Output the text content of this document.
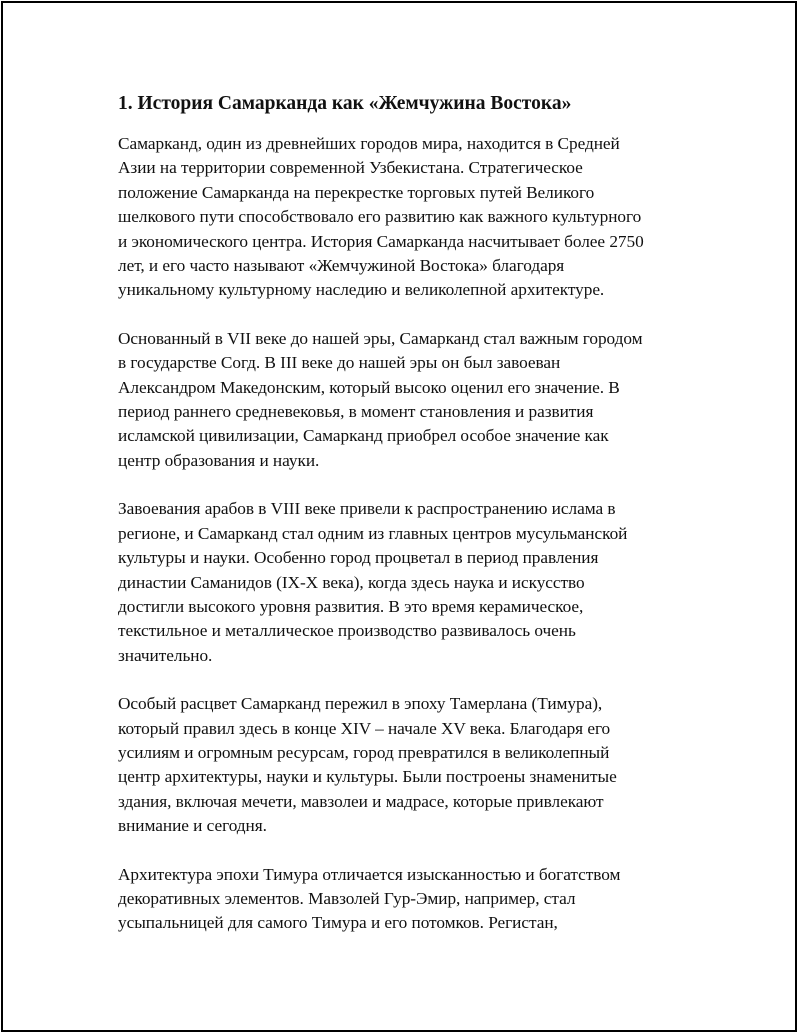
1. История Самарканда как «Жемчужина Востока»

Самарканд, один из древнейших городов мира, находится в Средней
Азии на территории современной Узбекистана. Стратегическое
положение Самарканда на перекрестке торговых путей Великого
шелкового пути способствовало его развитию как важного культурного
и экономического центра. История Самарканда насчитывает более 2750
лет, и его часто называют «Жемчужиной Востока» благодаря
уникальному культурному наследию и великолепной архитектуре.

Основанный в VII веке до нашей эры, Самарканд стал важным городом
в государстве Согд. В III веке до нашей эры он был завоеван
Александром Македонским, который высоко оценил его значение. В
период раннего средневековья, в момент становления и развития
исламской цивилизации, Самарканд приобрел особое значение как
центр образования и науки.

Завоевания арабов в VIII веке привели к распространению ислама в
регионе, и Самарканд стал одним из главных центров мусульманской
культуры и науки. Особенно город процветал в период правления
династии Саманидов (IX-X века), когда здесь наука и искусство
достигли высокого уровня развития. В это время керамическое,
текстильное и металлическое производство развивалось очень
значительно.

Особый расцвет Самарканд пережил в эпоху Тамерлана (Тимура),
который правил здесь в конце XIV – начале XV века. Благодаря его
усилиям и огромным ресурсам, город превратился в великолепный
центр архитектуры, науки и культуры. Были построены знаменитые
здания, включая мечети, мавзолеи и мадрасе, которые привлекают
внимание и сегодня.

Архитектура эпохи Тимура отличается изысканностью и богатством
декоративных элементов. Мавзолей Гур-Эмир, например, стал
усыпальницей для самого Тимура и его потомков. Регистан,
